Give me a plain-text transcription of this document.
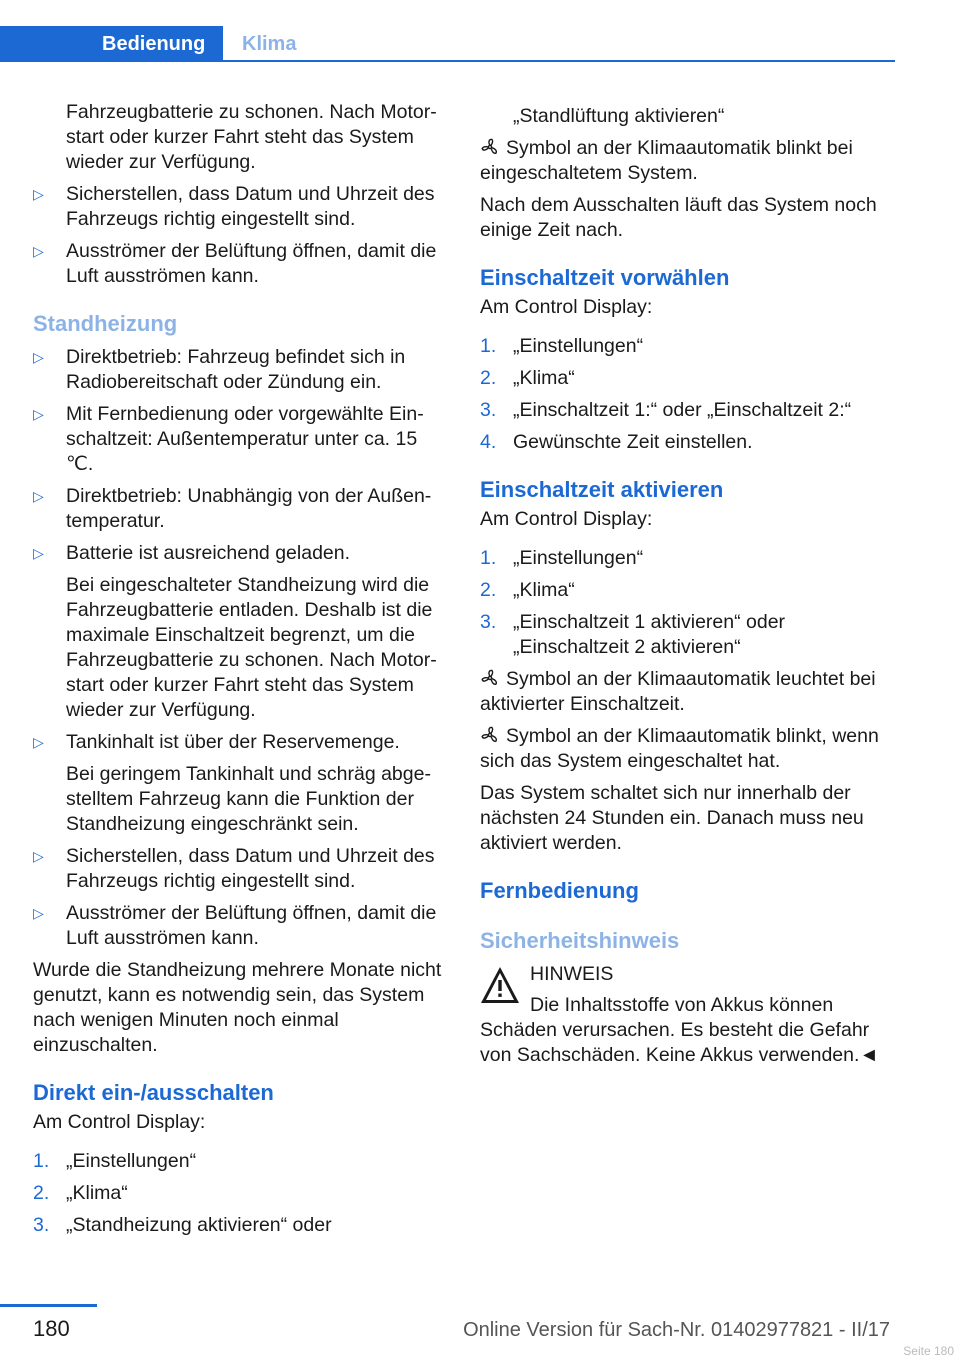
Bedienung	Klima

Fahrzeugbatterie zu schonen. Nach Motor-start oder kurzer Fahrt steht das System wieder zur Verfügung.

▷ Sicherstellen, dass Datum und Uhrzeit des Fahrzeugs richtig eingestellt sind.
▷ Ausströmer der Belüftung öffnen, damit die Luft ausströmen kann.
Standheizung
▷ Direktbetrieb: Fahrzeug befindet sich in Radiobereitschaft oder Zündung ein.
▷ Mit Fernbedienung oder vorgewählte Ein-schaltzeit: Außentemperatur unter ca. 15 ℃.
▷ Direktbetrieb: Unabhängig von der Außen-temperatur.
▷ Batterie ist ausreichend geladen.

Bei eingeschalteter Standheizung wird die Fahrzeugbatterie entladen. Deshalb ist die maximale Einschaltzeit begrenzt, um die Fahrzeugbatterie zu schonen. Nach Motor-start oder kurzer Fahrt steht das System wieder zur Verfügung.

▷ Tankinhalt ist über der Reservemenge.

Bei geringem Tankinhalt und schräg abge-stelltem Fahrzeug kann die Funktion der Standheizung eingeschränkt sein.

▷ Sicherstellen, dass Datum und Uhrzeit des Fahrzeugs richtig eingestellt sind.
▷ Ausströmer der Belüftung öffnen, damit die Luft ausströmen kann.

Wurde die Standheizung mehrere Monate nicht genutzt, kann es notwendig sein, das System nach wenigen Minuten noch einmal einzuschalten.

Direkt ein-/ausschalten

Am Control Display:

1. „Einstellungen“
2. „Klima“
3. „Standheizung aktivieren“ oder

„Standlüftung aktivieren“

Symbol an der Klimaautomatik blinkt bei eingeschaltetem System.

Nach dem Ausschalten läuft das System noch einige Zeit nach.

Einschaltzeit vorwählen

Am Control Display:

1. „Einstellungen“
2. „Klima“
3. „Einschaltzeit 1:“ oder „Einschaltzeit 2:“
4. Gewünschte Zeit einstellen.
Einschaltzeit aktivieren

Am Control Display:

1. „Einstellungen“
2. „Klima“
3. „Einschaltzeit 1 aktivieren“ oder „Einschaltzeit 2 aktivieren“

Symbol an der Klimaautomatik leuchtet bei aktivierter Einschaltzeit.

Symbol an der Klimaautomatik blinkt, wenn sich das System eingeschaltet hat.

Das System schaltet sich nur innerhalb der nächsten 24 Stunden ein. Danach muss neu aktiviert werden.

Fernbedienung
Sicherheitshinweis

HINWEIS

Die Inhaltsstoffe von Akkus können

Schäden verursachen. Es besteht die Gefahr von Sachschäden. Keine Akkus verwenden.◄

180	Online Version für Sach-Nr. 01402977821 - II/17
Seite 180
